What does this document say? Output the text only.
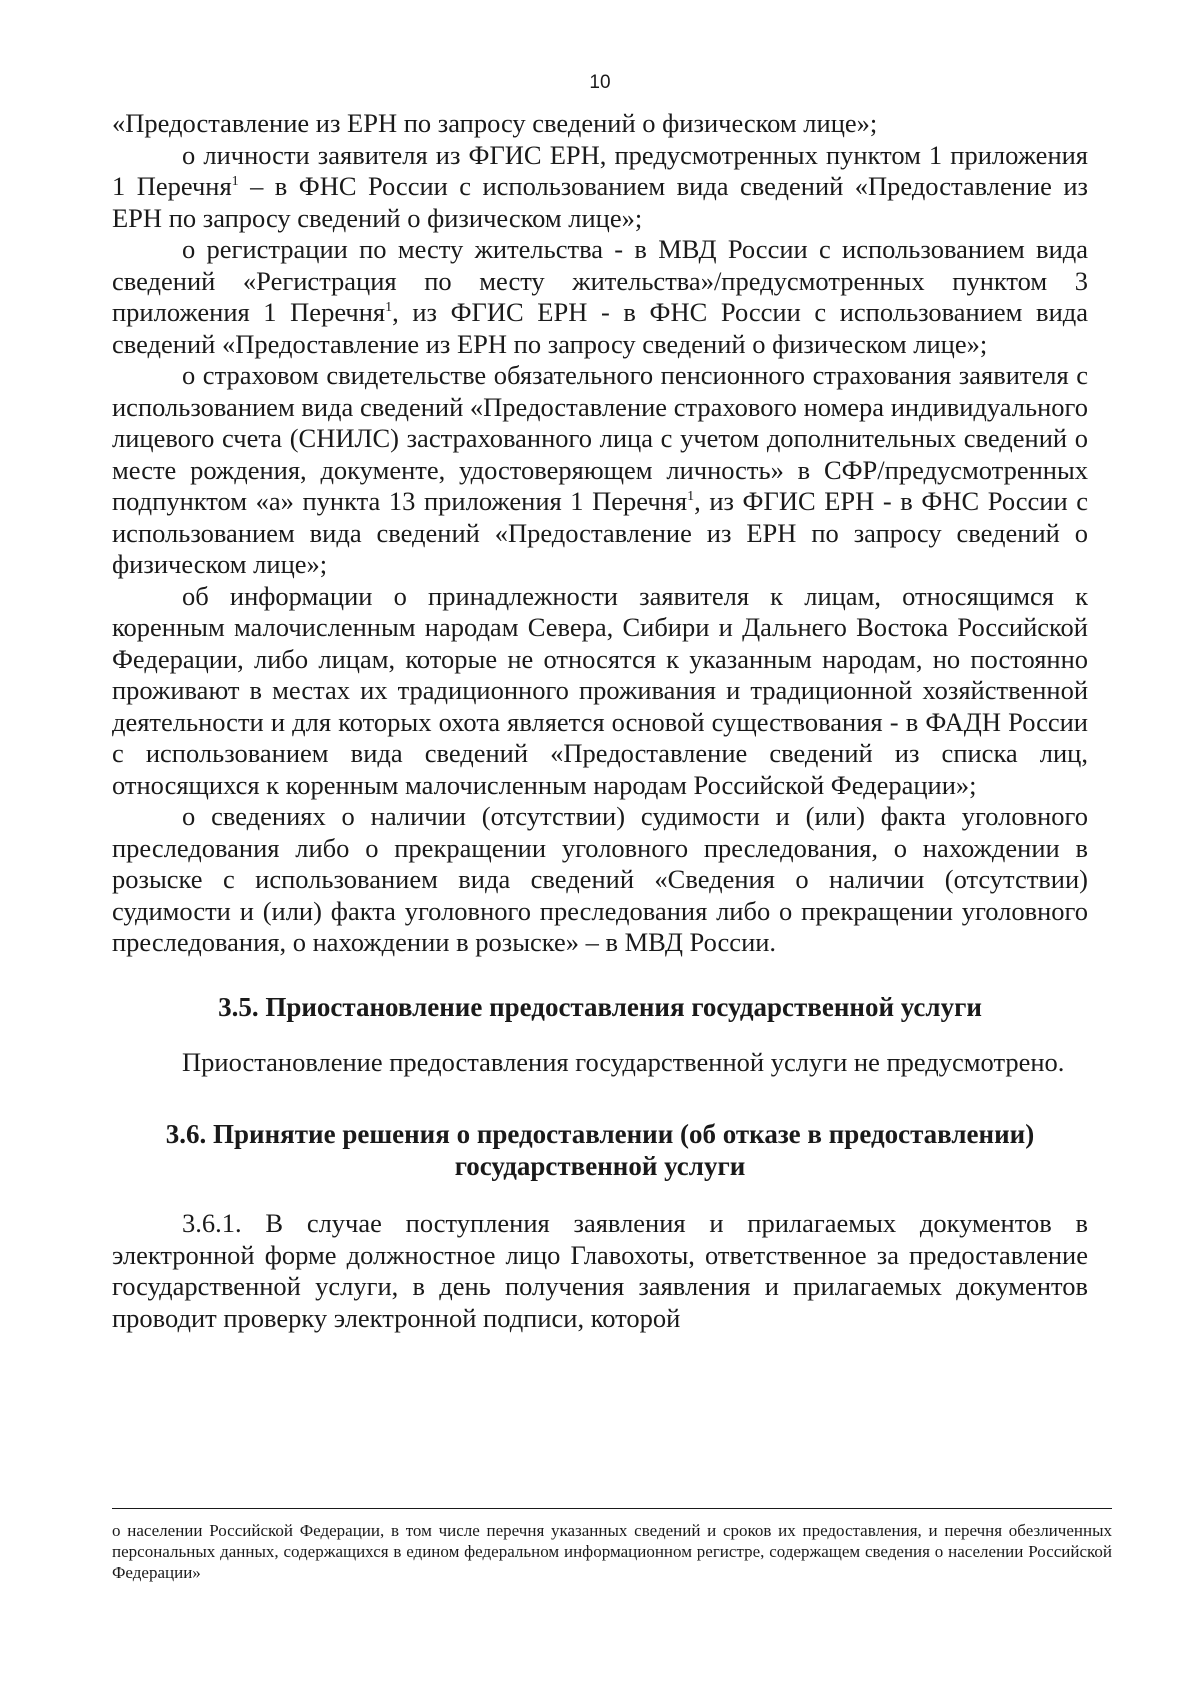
10

«Предоставление из ЕРН по запросу сведений о физическом лице»;

о личности заявителя из ФГИС ЕРН, предусмотренных пунктом 1 приложения 1 Перечня$^1$ – в ФНС России с использованием вида сведений «Предоставление из ЕРН по запросу сведений о физическом лице»;

о регистрации по месту жительства - в МВД России с использованием вида сведений «Регистрация по месту жительства»/предусмотренных пунктом 3 приложения 1 Перечня$^1$, из ФГИС ЕРН - в ФНС России с использованием вида сведений «Предоставление из ЕРН по запросу сведений о физическом лице»;

о страховом свидетельстве обязательного пенсионного страхования заявителя с использованием вида сведений «Предоставление страхового номера индивидуального лицевого счета (СНИЛС) застрахованного лица с учетом дополнительных сведений о месте рождения, документе, удостоверяющем личность» в СФР/предусмотренных подпунктом «а» пункта 13 приложения 1 Перечня$^1$, из ФГИС ЕРН - в ФНС России с использованием вида сведений «Предоставление из ЕРН по запросу сведений о физическом лице»;

об информации о принадлежности заявителя к лицам, относящимся к коренным малочисленным народам Севера, Сибири и Дальнего Востока Российской Федерации, либо лицам, которые не относятся к указанным народам, но постоянно проживают в местах их традиционного проживания и традиционной хозяйственной деятельности и для которых охота является основой существования - в ФАДН России с использованием вида сведений «Предоставление сведений из списка лиц, относящихся к коренным малочисленным народам Российской Федерации»;

о сведениях о наличии (отсутствии) судимости и (или) факта уголовного преследования либо о прекращении уголовного преследования, о нахождении в розыске с использованием вида сведений «Сведения о наличии (отсутствии) судимости и (или) факта уголовного преследования либо о прекращении уголовного преследования, о нахождении в розыске» – в МВД России.

3.5. Приостановление предоставления государственной услуги

Приостановление предоставления государственной услуги не предусмотрено.

3.6. Принятие решения о предоставлении (об отказе в предоставлении) государственной услуги

3.6.1. В случае поступления заявления и прилагаемых документов в электронной форме должностное лицо Главохоты, ответственное за предоставление государственной услуги, в день получения заявления и прилагаемых документов проводит проверку электронной подписи, которой

о населении Российской Федерации, в том числе перечня указанных сведений и сроков их предоставления, и перечня обезличенных персональных данных, содержащихся в едином федеральном информационном регистре, содержащем сведения о населении Российской Федерации»
